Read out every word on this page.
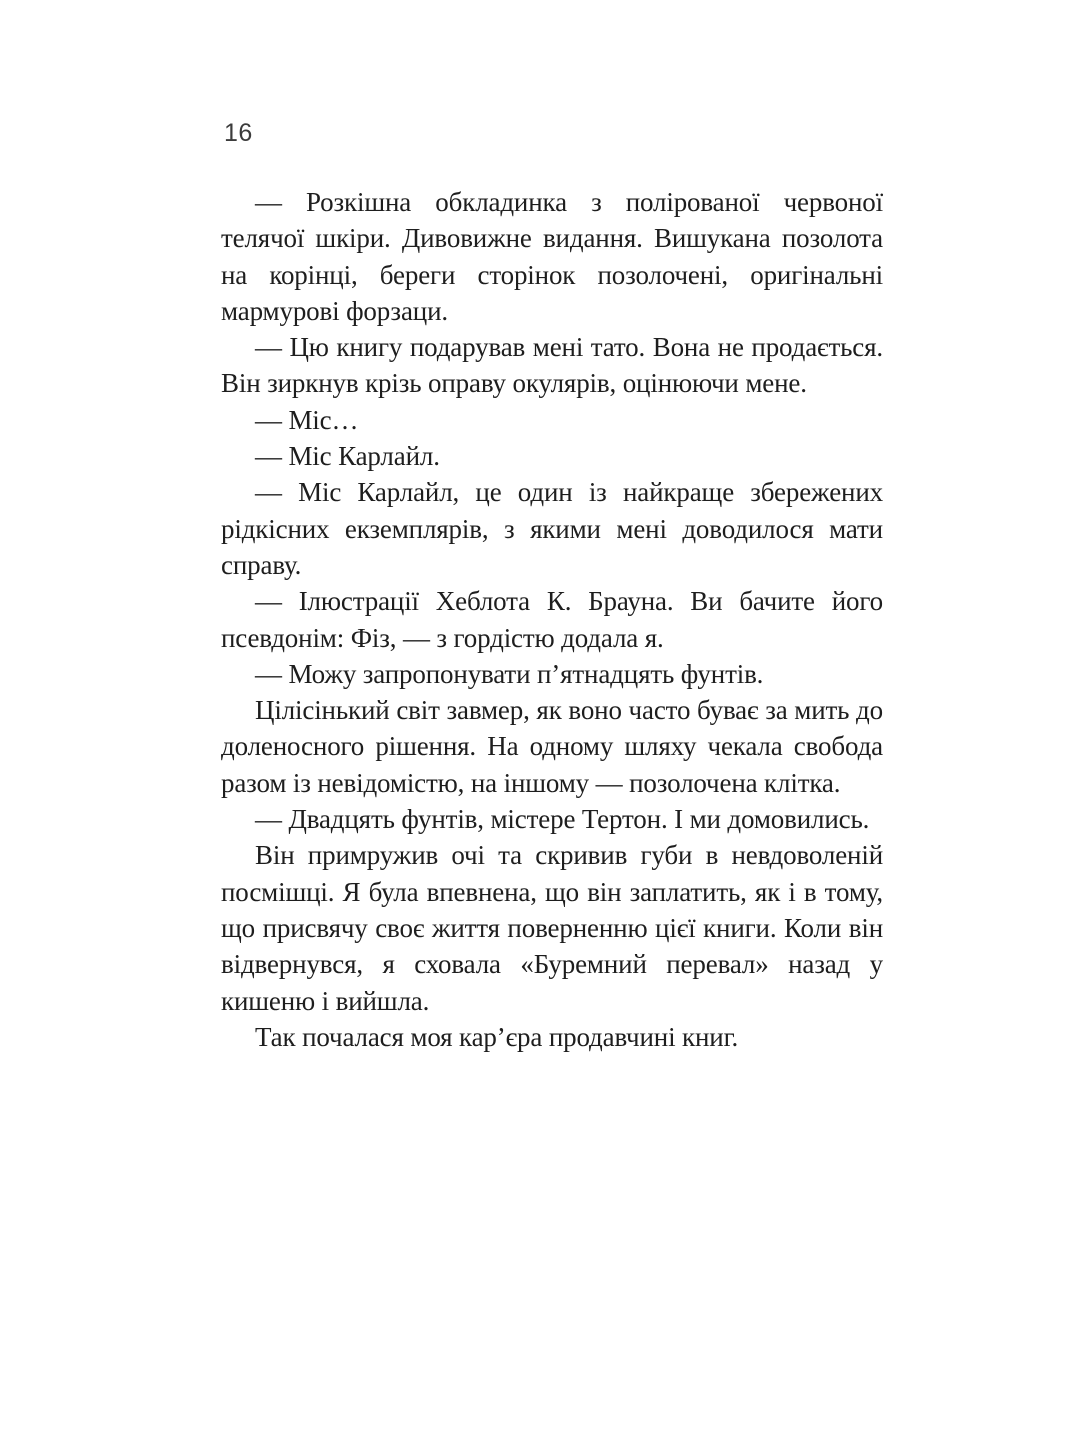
16

— Розкішна обкладинка з полірованої червоної телячої шкіри. Дивовижне видання. Вишукана позолота на корінці, береги сторінок позолочені, оригінальні мармурові форзаци.

— Цю книгу подарував мені тато. Вона не продається. Він зиркнув крізь оправу окулярів, оцінюючи мене.

— Міс…

— Міс Карлайл.

— Міс Карлайл, це один із найкраще збережених рідкісних екземплярів, з якими мені доводилося мати справу.

— Ілюстрації Хеблота К. Брауна. Ви бачите його псевдонім: Фіз, — з гордістю додала я.

— Можу запропонувати п’ятнадцять фунтів.

Цілісінький світ завмер, як воно часто буває за мить до доленосного рішення. На одному шляху чекала свобода разом із невідомістю, на іншому — позолочена клітка.

— Двадцять фунтів, містере Тертон. І ми домовились.

Він примружив очі та скривив губи в невдоволеній посмішці. Я була впевнена, що він заплатить, як і в тому, що присвячу своє життя поверненню цієї книги. Коли він відвернувся, я сховала «Буремний перевал» назад у кишеню і вийшла.

Так почалася моя кар’єра продавчині книг.
